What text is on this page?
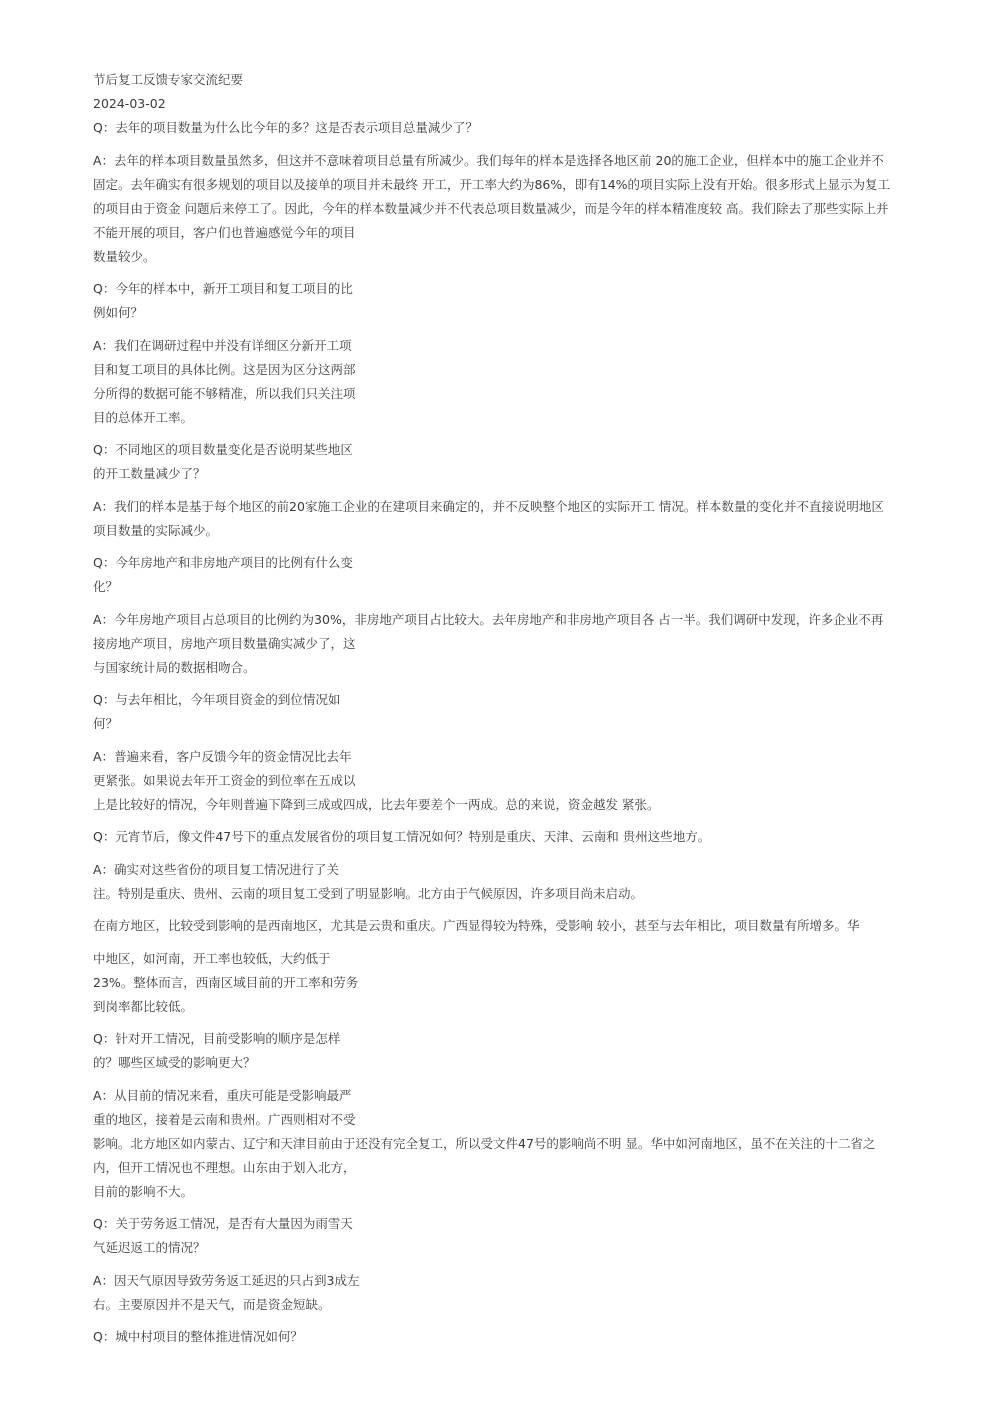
节后复工反馈专家交流纪要
2024-03-02
Q：去年的项目数量为什么比今年的多？这是否表示项目总量减少了？
A：去年的样本项目数量虽然多，但这并不意味着项目总量有所减少。我们每年的样本是选择各地区前 20的施工企业，但样本中的施工企业并不
固定。去年确实有很多规划的项目以及接单的项目并未最终 开工，开工率大约为86%，即有14%的项目实际上没有开始。很多形式上显示为复工
的项目由于资金 问题后来停工了。因此，今年的样本数量减少并不代表总项目数量减少，而是今年的样本精准度较 高。我们除去了那些实际上并
不能开展的项目，客户们也普遍感觉今年的项目
数量较少。
Q：今年的样本中，新开工项目和复工项目的比
例如何？
A：我们在调研过程中并没有详细区分新开工项
目和复工项目的具体比例。这是因为区分这两部
分所得的数据可能不够精准，所以我们只关注项
目的总体开工率。
Q：不同地区的项目数量变化是否说明某些地区
的开工数量减少了？
A：我们的样本是基于每个地区的前20家施工企业的在建项目来确定的，并不反映整个地区的实际开工 情况。样本数量的变化并不直接说明地区
项目数量的实际减少。
Q：今年房地产和非房地产项目的比例有什么变
化？
A：今年房地产项目占总项目的比例约为30%，非房地产项目占比较大。去年房地产和非房地产项目各 占一半。我们调研中发现，许多企业不再
接房地产项目，房地产项目数量确实减少了，这
与国家统计局的数据相吻合。
Q：与去年相比，今年项目资金的到位情况如
何？
A：普遍来看，客户反馈今年的资金情况比去年
更紧张。如果说去年开工资金的到位率在五成以
上是比较好的情况，今年则普遍下降到三成或四成，比去年要差个一两成。总的来说，资金越发 紧张。
Q：元宵节后，像文件47号下的重点发展省份的项目复工情况如何？特别是重庆、天津、云南和 贵州这些地方。
A：确实对这些省份的项目复工情况进行了关
注。特别是重庆、贵州、云南的项目复工受到了明显影响。北方由于气候原因，许多项目尚未启动。
在南方地区，比较受到影响的是西南地区，尤其是云贵和重庆。广西显得较为特殊，受影响 较小，甚至与去年相比，项目数量有所增多。华
中地区，如河南，开工率也较低，大约低于
23%。整体而言，西南区域目前的开工率和劳务
到岗率都比较低。
Q：针对开工情况，目前受影响的顺序是怎样
的？哪些区域受的影响更大？
A：从目前的情况来看，重庆可能是受影响最严
重的地区，接着是云南和贵州。广西则相对不受
影响。北方地区如内蒙古、辽宁和天津目前由于还没有完全复工，所以受文件47号的影响尚不明 显。华中如河南地区，虽不在关注的十二省之
内，但开工情况也不理想。山东由于划入北方，
目前的影响不大。
Q：关于劳务返工情况，是否有大量因为雨雪天
气延迟返工的情况？
A：因天气原因导致劳务返工延迟的只占到3成左
右。主要原因并不是天气，而是资金短缺。
Q：城中村项目的整体推进情况如何？
